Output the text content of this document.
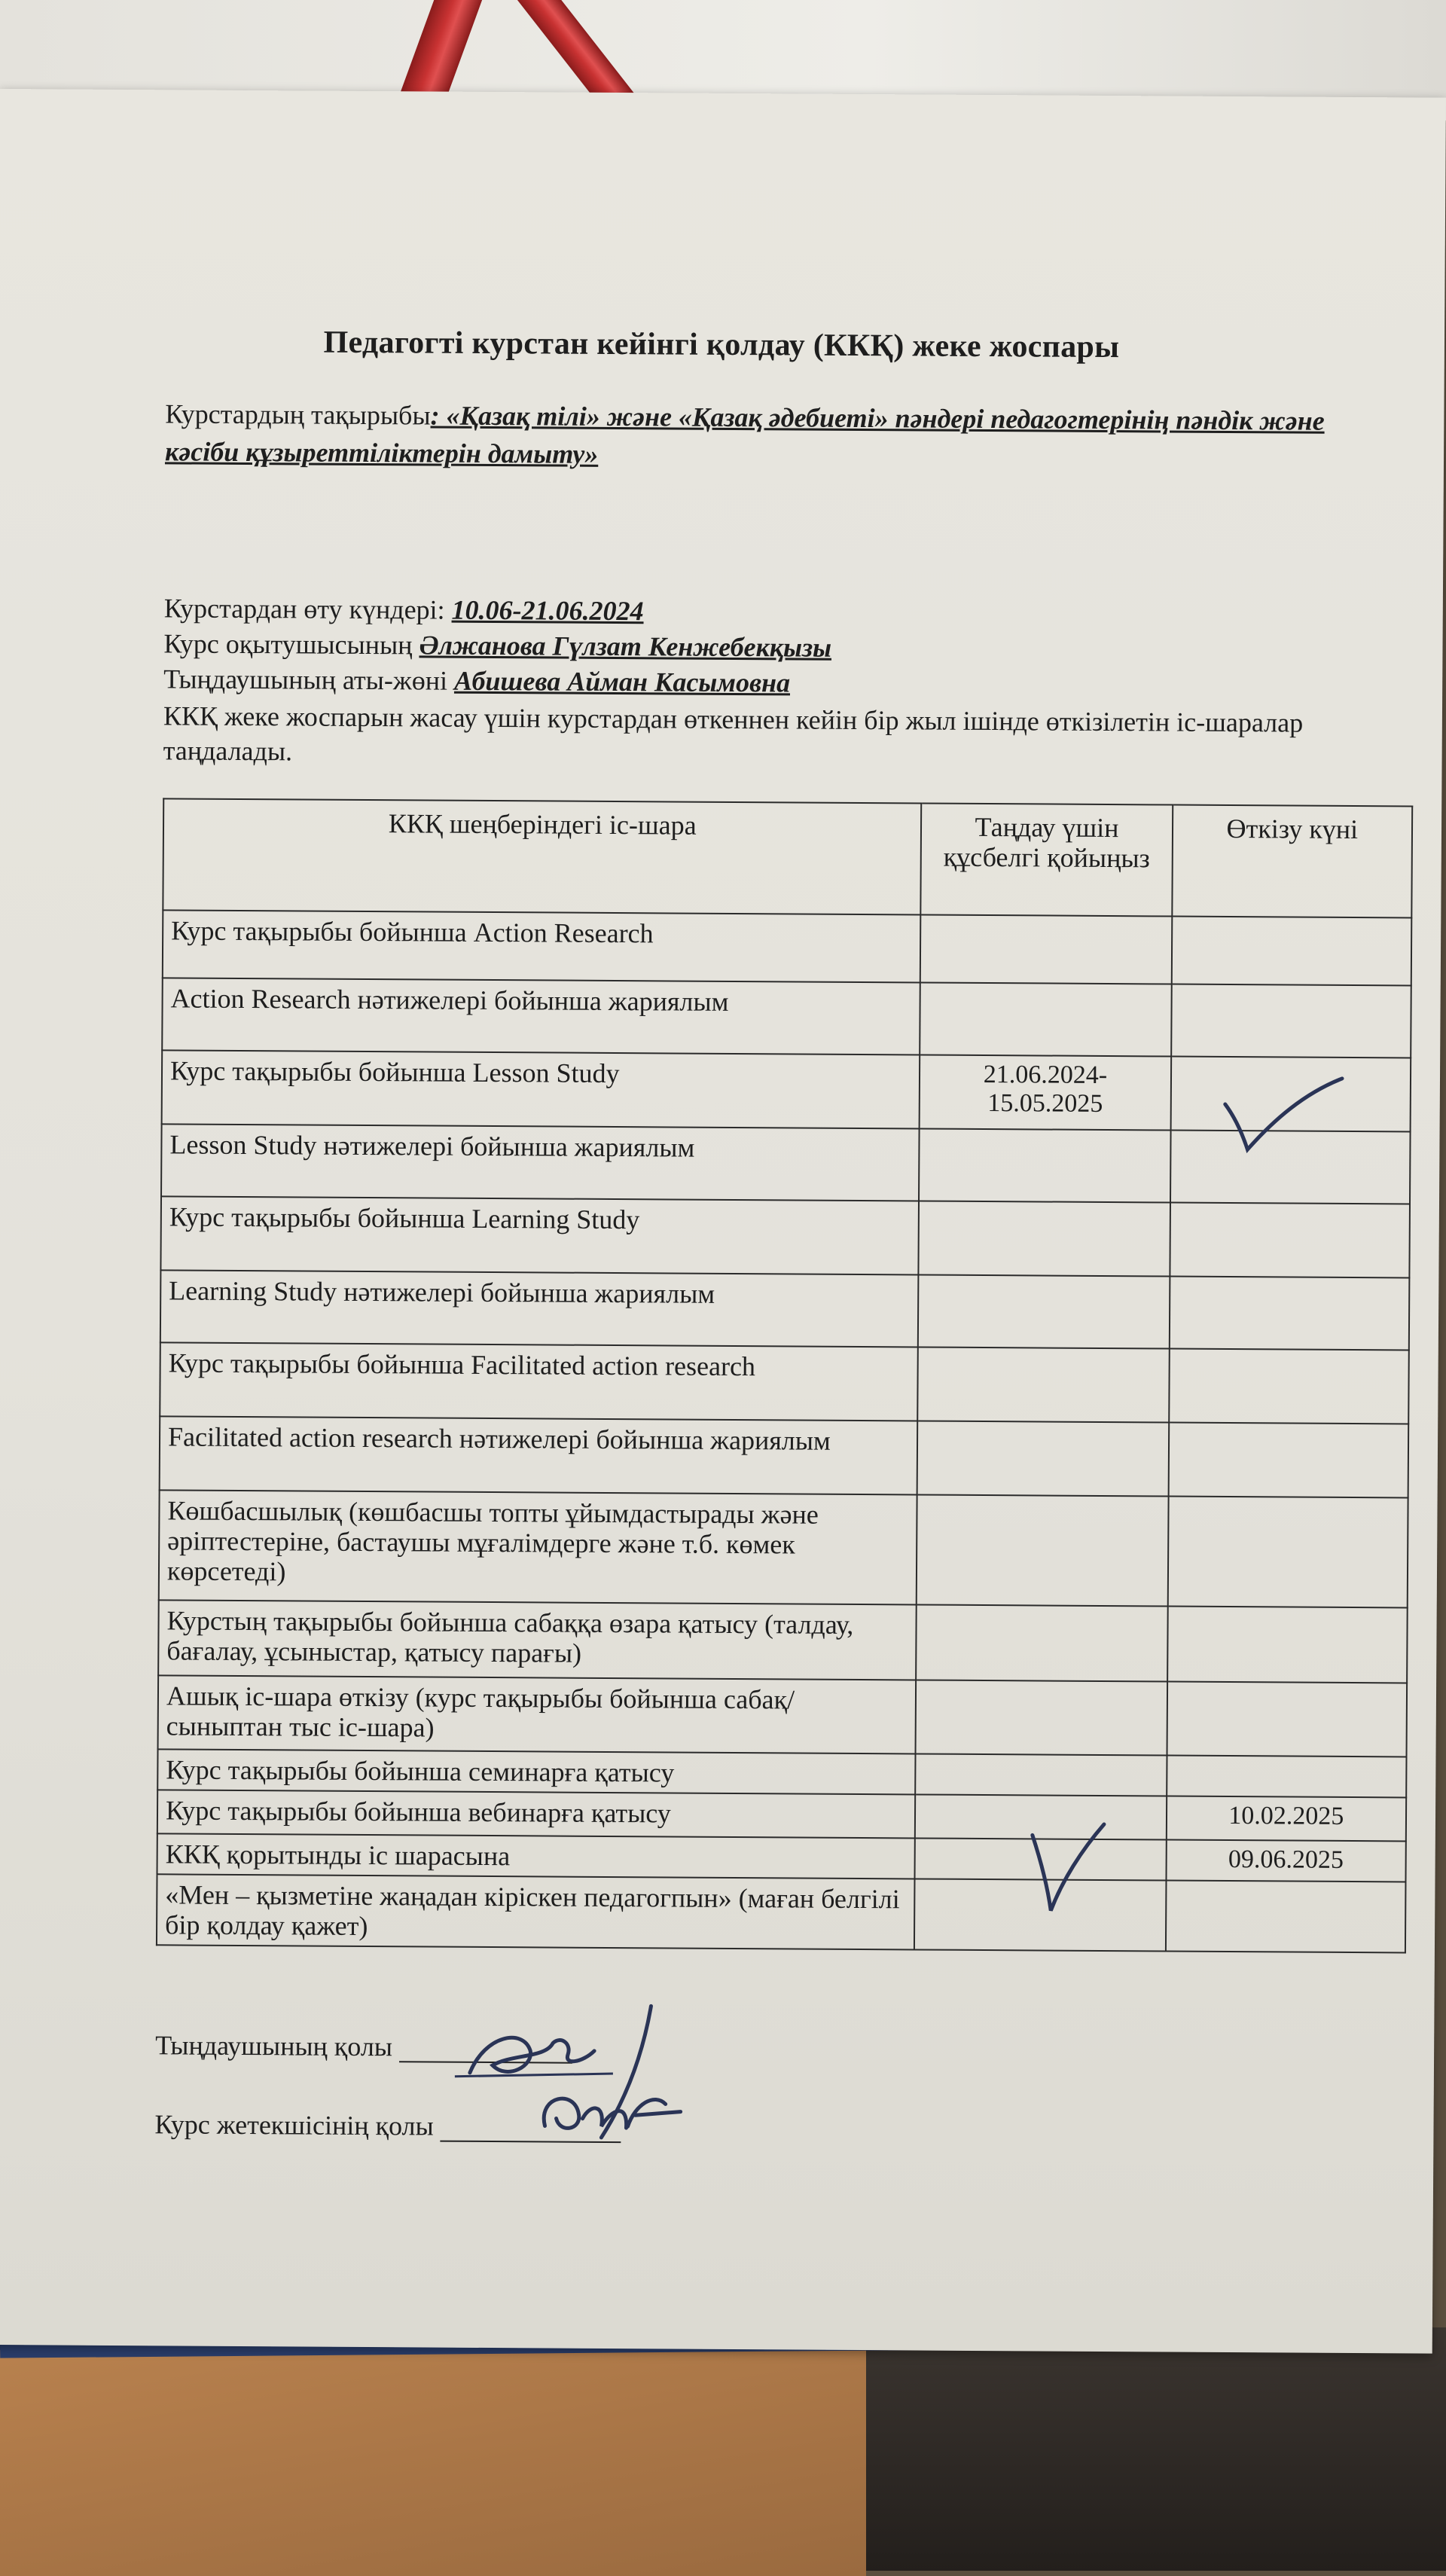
Педагогті курстан кейінгі қолдау (ККҚ) жеке жоспары
Курстардың тақырыбы: «Қазақ тілі» және «Қазақ әдебиеті» пәндері педагогтерінің пәндік және кәсіби құзыреттіліктерін дамыту»
Курстардан өту күндері: 10.06-21.06.2024
Курс оқытушысының Әлжанова Гүлзат Кенжебекқызы
Тыңдаушының аты-жөні Абишева Айман Касымовна
ККҚ жеке жоспарын жасау үшін курстардан өткеннен кейін бір жыл ішінде өткізілетін іс-шаралар таңдалады.
ККҚ шеңберіндегі іс-шара	Таңдау үшін құсбелгі қойыңыз	Өткізу күні
Курс тақырыбы бойынша Action Research		
Action Research нәтижелері бойынша жариялым		
Курс тақырыбы бойынша Lesson Study	21.06.2024-
15.05.2025	
Lesson Study нәтижелері бойынша жариялым		
Курс тақырыбы бойынша Learning Study		
Learning Study нәтижелері бойынша жариялым		
Курс тақырыбы бойынша Facilitated action research		
Facilitated action research нәтижелері бойынша жариялым		
Көшбасшылық (көшбасшы топты ұйымдастырады және әріптестеріне, бастаушы мұғалімдерге және т.б. көмек көрсетеді)		
Курстың тақырыбы бойынша сабаққа өзара қатысу (талдау, бағалау, ұсыныстар, қатысу парағы)		
Ашық іс-шара өткізу (курс тақырыбы бойынша сабақ/ сыныптан тыс іс-шара)		
Курс тақырыбы бойынша семинарға қатысу		
Курс тақырыбы бойынша вебинарға қатысу		10.02.2025
ККҚ қорытынды іс шарасына		09.06.2025
«Мен – қызметіне жаңадан кіріскен педагогпын» (маған белгілі бір қолдау қажет)		
Тыңдаушының қолы
Курс жетекшісінің қолы
